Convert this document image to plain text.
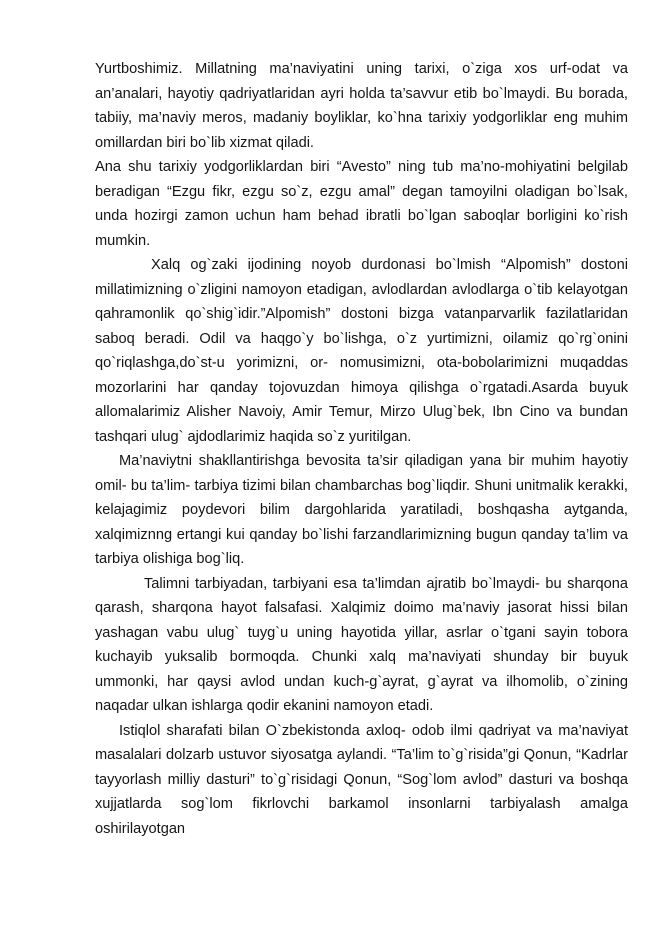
Yurtboshimiz. Millatning ma’naviyatini uning tarixi, o`ziga xos urf-odat va an’analari, hayotiy qadriyatlaridan ayri holda ta’savvur etib bo`lmaydi. Bu borada, tabiiy, ma’naviy meros, madaniy boyliklar, ko`hna tarixiy yodgorliklar eng muhim omillardan biri bo`lib xizmat qiladi.

Ana shu tarixiy yodgorliklardan biri “Avesto” ning tub ma’no-mohiyatini belgilab beradigan “Ezgu fikr, ezgu so`z, ezgu amal” degan tamoyilni oladigan bo`lsak, unda hozirgi zamon uchun ham behad ibratli bo`lgan saboqlar borligini ko`rish mumkin.

Xalq og`zaki ijodining noyob durdonasi bo`lmish “Alpomish” dostoni millatimizning o`zligini namoyon etadigan, avlodlardan avlodlarga o`tib kelayotgan qahramonlik qo`shig`idir.”Alpomish” dostoni bizga vatanparvarlik fazilatlaridan saboq beradi. Odil va haqgo`y bo`lishga, o`z yurtimizni, oilamiz qo`rg`onini qo`riqlashga,do`st-u yorimizni, or- nomusimizni, ota-bobolarimizni muqaddas mozorlarini har qanday tojovuzdan himoya qilishga o`rgatadi.Asarda buyuk allomalarimiz Alisher Navoiy, Amir Temur, Mirzo Ulug`bek, Ibn Cino va bundan tashqari ulug` ajdodlarimiz haqida so`z yuritilgan.

Ma’naviytni shakllantirishga bevosita ta’sir qiladigan yana bir muhim hayotiy omil- bu ta’lim- tarbiya tizimi bilan chambarchas bog`liqdir. Shuni unitmalik kerakki, kelajagimiz poydevori bilim dargohlarida yaratiladi, boshqasha aytganda, xalqimiznng ertangi kui qanday bo`lishi farzandlarimizning bugun qanday ta’lim va tarbiya olishiga bog`liq.

Talimni tarbiyadan, tarbiyani esa ta’limdan ajratib bo`lmaydi- bu sharqona qarash, sharqona hayot falsafasi. Xalqimiz doimo ma’naviy jasorat hissi bilan yashagan vabu ulug` tuyg`u uning hayotida yillar, asrlar o`tgani sayin tobora kuchayib yuksalib bormoqda. Chunki xalq ma’naviyati shunday bir buyuk ummonki, har qaysi avlod undan kuch-g`ayrat, g`ayrat va ilhomolib, o`zining naqadar ulkan ishlarga qodir ekanini namoyon etadi.

Istiqlol sharafati bilan O`zbekistonda axloq- odob ilmi qadriyat va ma’naviyat masalalari dolzarb ustuvor siyosatga aylandi. “Ta’lim to`g`risida”gi Qonun, “Kadrlar tayyorlash milliy dasturi” to`g`risidagi Qonun, “Sog`lom avlod” dasturi va boshqa xujjatlarda sog`lom fikrlovchi barkamol insonlarni tarbiyalash amalga oshirilayotgan
